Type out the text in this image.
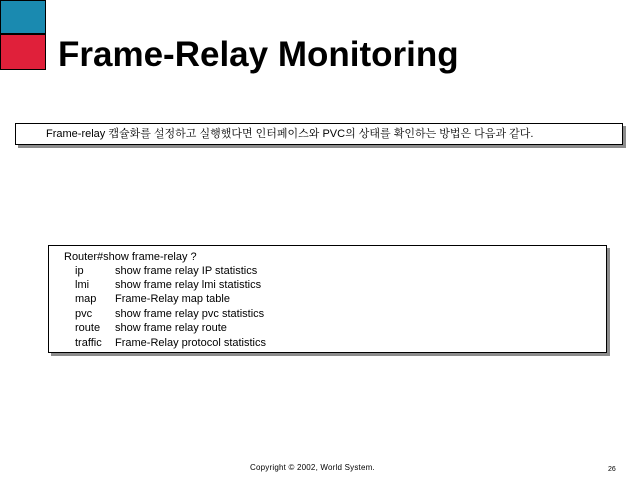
Frame-Relay Monitoring
Frame-relay 캡슐화를 설정하고 실행했다면 인터페이스와 PVC의 상태를 확인하는 방법은 다음과 같다.
Router#show frame-relay ?
ip	show frame relay IP statistics
lmi show frame relay lmi statistics
map Frame-Relay map table
pvc show frame relay pvc statistics
route show frame relay route
traffic Frame-Relay protocol statistics
Copyright © 2002, World System.	26
